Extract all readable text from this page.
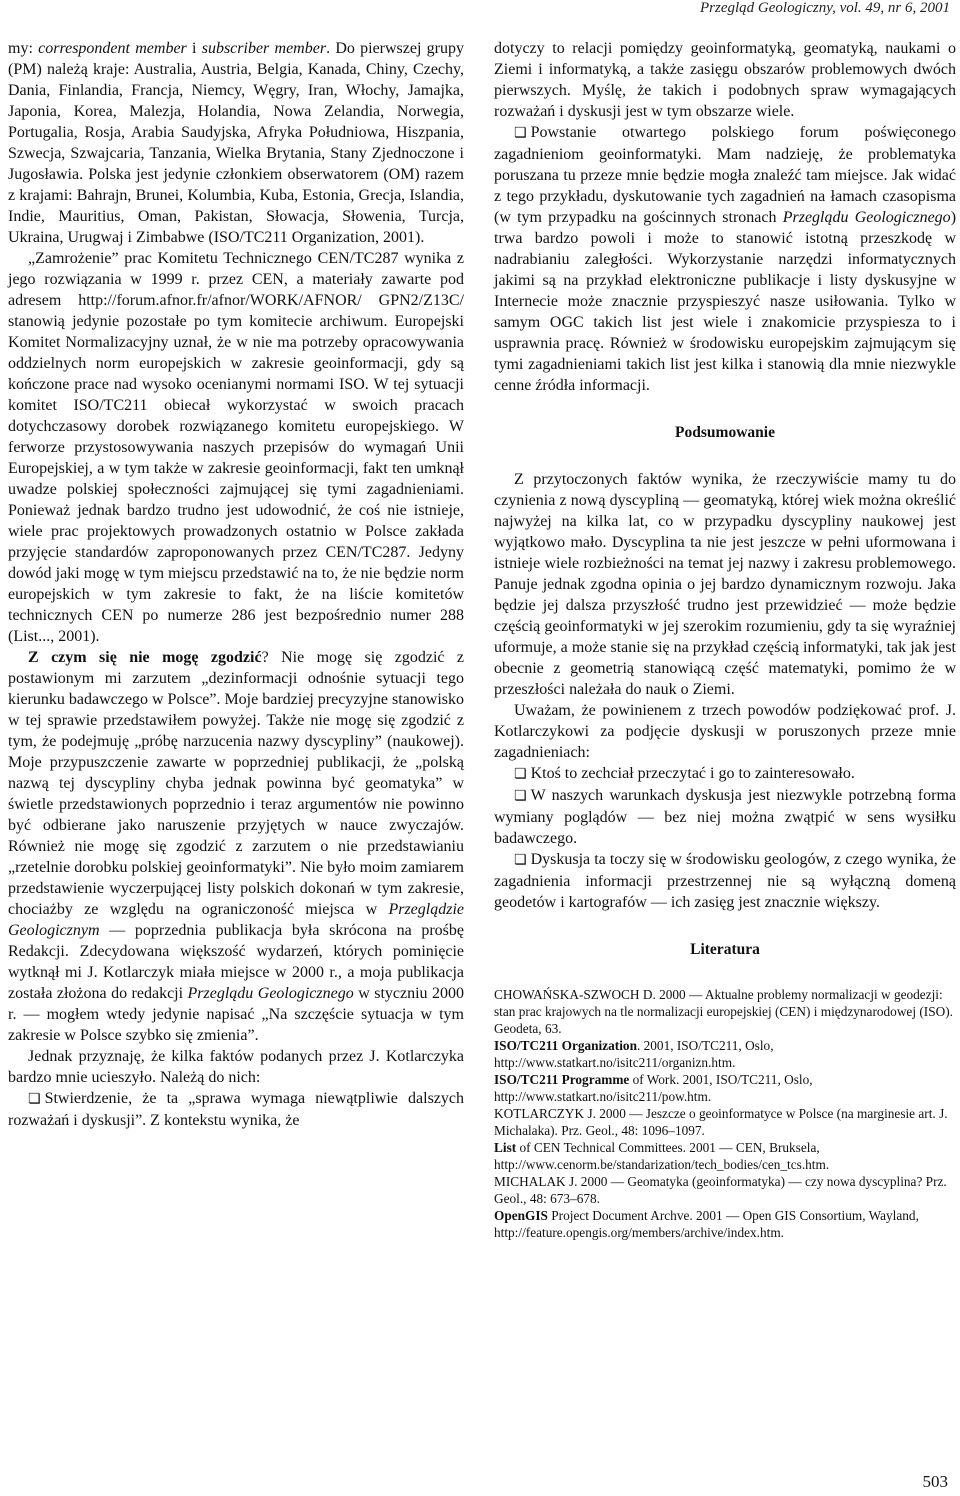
Przegląd Geologiczny, vol. 49, nr 6, 2001

my: correspondent member i subscriber member. Do pierwszej grupy (PM) należą kraje: Australia, Austria, Belgia, Kanada, Chiny, Czechy, Dania, Finlandia, Francja, Niemcy, Węgry, Iran, Włochy, Jamajka, Japonia, Korea, Malezja, Holandia, Nowa Zelandia, Norwegia, Portugalia, Rosja, Arabia Saudyjska, Afryka Południowa, Hiszpania, Szwecja, Szwajcaria, Tanzania, Wielka Brytania, Stany Zjednoczone i Jugosławia. Polska jest jedynie członkiem obserwatorem (OM) razem z krajami: Bahrajn, Brunei, Kolumbia, Kuba, Estonia, Grecja, Islandia, Indie, Mauritius, Oman, Pakistan, Słowacja, Słowenia, Turcja, Ukraina, Urugwaj i Zimbabwe (ISO/TC211 Organization, 2001).

„Zamrożenie” prac Komitetu Technicznego CEN/TC287 wynika z jego rozwiązania w 1999 r. przez CEN, a materiały zawarte pod adresem http://forum.afnor.fr/afnor/WORK/AFNOR/ GPN2/Z13C/ stanowią jedynie pozostałe po tym komitecie archiwum. Europejski Komitet Normalizacyjny uznał, że w nie ma potrzeby opracowywania oddzielnych norm europejskich w zakresie geoinformacji, gdy są kończone prace nad wysoko ocenianymi normami ISO. W tej sytuacji komitet ISO/TC211 obiecał wykorzystać w swoich pracach dotychczasowy dorobek rozwiązanego komitetu europejskiego. W ferworze przystosowywania naszych przepisów do wymagań Unii Europejskiej, a w tym także w zakresie geoinformacji, fakt ten umknął uwadze polskiej społeczności zajmującej się tymi zagadnieniami. Ponieważ jednak bardzo trudno jest udowodnić, że coś nie istnieje, wiele prac projektowych prowadzonych ostatnio w Polsce zakłada przyjęcie standardów zaproponowanych przez CEN/TC287. Jedyny dowód jaki mogę w tym miejscu przedstawić na to, że nie będzie norm europejskich w tym zakresie to fakt, że na liście komitetów technicznych CEN po numerze 286 jest bezpośrednio numer 288 (List..., 2001).

Z czym się nie mogę zgodzić? Nie mogę się zgodzić z postawionym mi zarzutem „dezinformacji odnośnie sytuacji tego kierunku badawczego w Polsce”. Moje bardziej precyzyjne stanowisko w tej sprawie przedstawiłem powyżej. Także nie mogę się zgodzić z tym, że podejmuję „próbę narzucenia nazwy dyscypliny” (naukowej). Moje przypuszczenie zawarte w poprzedniej publikacji, że „polską nazwą tej dyscypliny chyba jednak powinna być geomatyka” w świetle przedstawionych poprzednio i teraz argumentów nie powinno być odbierane jako naruszenie przyjętych w nauce zwyczajów. Również nie mogę się zgodzić z zarzutem o nie przedstawianiu „rzetelnie dorobku polskiej geoinformatyki”. Nie było moim zamiarem przedstawienie wyczerpującej listy polskich dokonań w tym zakresie, chociażby ze względu na ograniczoność miejsca w Przeglądzie Geologicznym — poprzednia publikacja była skrócona na prośbę Redakcji. Zdecydowana większość wydarzeń, których pominięcie wytknął mi J. Kotlarczyk miała miejsce w 2000 r., a moja publikacja została złożona do redakcji Przeglądu Geologicznego w styczniu 2000 r. — mogłem wtedy jedynie napisać „Na szczęście sytuacja w tym zakresie w Polsce szybko się zmienia”.

Jednak przyznaję, że kilka faktów podanych przez J. Kotlarczyka bardzo mnie ucieszyło. Należą do nich:

❏ Stwierdzenie, że ta „sprawa wymaga niewątpliwie dalszych rozważań i dyskusji”. Z kontekstu wynika, że

dotyczy to relacji pomiędzy geoinformatyką, geomatyką, naukami o Ziemi i informatyką, a także zasięgu obszarów problemowych dwóch pierwszych. Myślę, że takich i podobnych spraw wymagających rozważań i dyskusji jest w tym obszarze wiele.

❏ Powstanie otwartego polskiego forum poświęconego zagadnieniom geoinformatyki. Mam nadzieję, że problematyka poruszana tu przeze mnie będzie mogła znaleźć tam miejsce. Jak widać z tego przykładu, dyskutowanie tych zagadnień na łamach czasopisma (w tym przypadku na gościnnych stronach Przeglądu Geologicznego) trwa bardzo powoli i może to stanowić istotną przeszkodę w nadrabianiu zaległości. Wykorzystanie narzędzi informatycznych jakimi są na przykład elektroniczne publikacje i listy dyskusyjne w Internecie może znacznie przyspieszyć nasze usiłowania. Tylko w samym OGC takich list jest wiele i znakomicie przyspiesza to i usprawnia pracę. Również w środowisku europejskim zajmującym się tymi zagadnieniami takich list jest kilka i stanowią dla mnie niezwykle cenne źródła informacji.

Podsumowanie

Z przytoczonych faktów wynika, że rzeczywiście mamy tu do czynienia z nową dyscypliną — geomatyką, której wiek można określić najwyżej na kilka lat, co w przypadku dyscypliny naukowej jest wyjątkowo mało. Dyscyplina ta nie jest jeszcze w pełni uformowana i istnieje wiele rozbieżności na temat jej nazwy i zakresu problemowego. Panuje jednak zgodna opinia o jej bardzo dynamicznym rozwoju. Jaka będzie jej dalsza przyszłość trudno jest przewidzieć — może będzie częścią geoinformatyki w jej szerokim rozumieniu, gdy ta się wyraźniej uformuje, a może stanie się na przykład częścią informatyki, tak jak jest obecnie z geometrią stanowiącą część matematyki, pomimo że w przeszłości należała do nauk o Ziemi.

Uważam, że powinienem z trzech powodów podziękować prof. J. Kotlarczykowi za podjęcie dyskusji w poruszonych przeze mnie zagadnieniach:

❏ Ktoś to zechciał przeczytać i go to zainteresowało.

❏ W naszych warunkach dyskusja jest niezwykle potrzebną forma wymiany poglądów — bez niej można zwątpić w sens wysiłku badawczego.

❏ Dyskusja ta toczy się w środowisku geologów, z czego wynika, że zagadnienia informacji przestrzennej nie są wyłączną domeną geodetów i kartografów — ich zasięg jest znacznie większy.

Literatura

CHOWAŃSKA-SZWOCH D. 2000 — Aktualne problemy normalizacji w geodezji: stan prac krajowych na tle normalizacji europejskiej (CEN) i międzynarodowej (ISO). Geodeta, 63.

ISO/TC211 Organization. 2001, ISO/TC211, Oslo, http://www.statkart.no/isitc211/organizn.htm.

ISO/TC211 Programme of Work. 2001, ISO/TC211, Oslo, http://www.statkart.no/isitc211/pow.htm.

KOTLARCZYK J. 2000 — Jeszcze o geoinformatyce w Polsce (na marginesie art. J. Michalaka). Prz. Geol., 48: 1096–1097.

List of CEN Technical Committees. 2001 — CEN, Bruksela, http://www.cenorm.be/standarization/tech_bodies/cen_tcs.htm.

MICHALAK J. 2000 — Geomatyka (geoinformatyka) — czy nowa dyscyplina? Prz. Geol., 48: 673–678.

OpenGIS Project Document Archve. 2001 — Open GIS Consortium, Wayland, http://feature.opengis.org/members/archive/index.htm.

503
